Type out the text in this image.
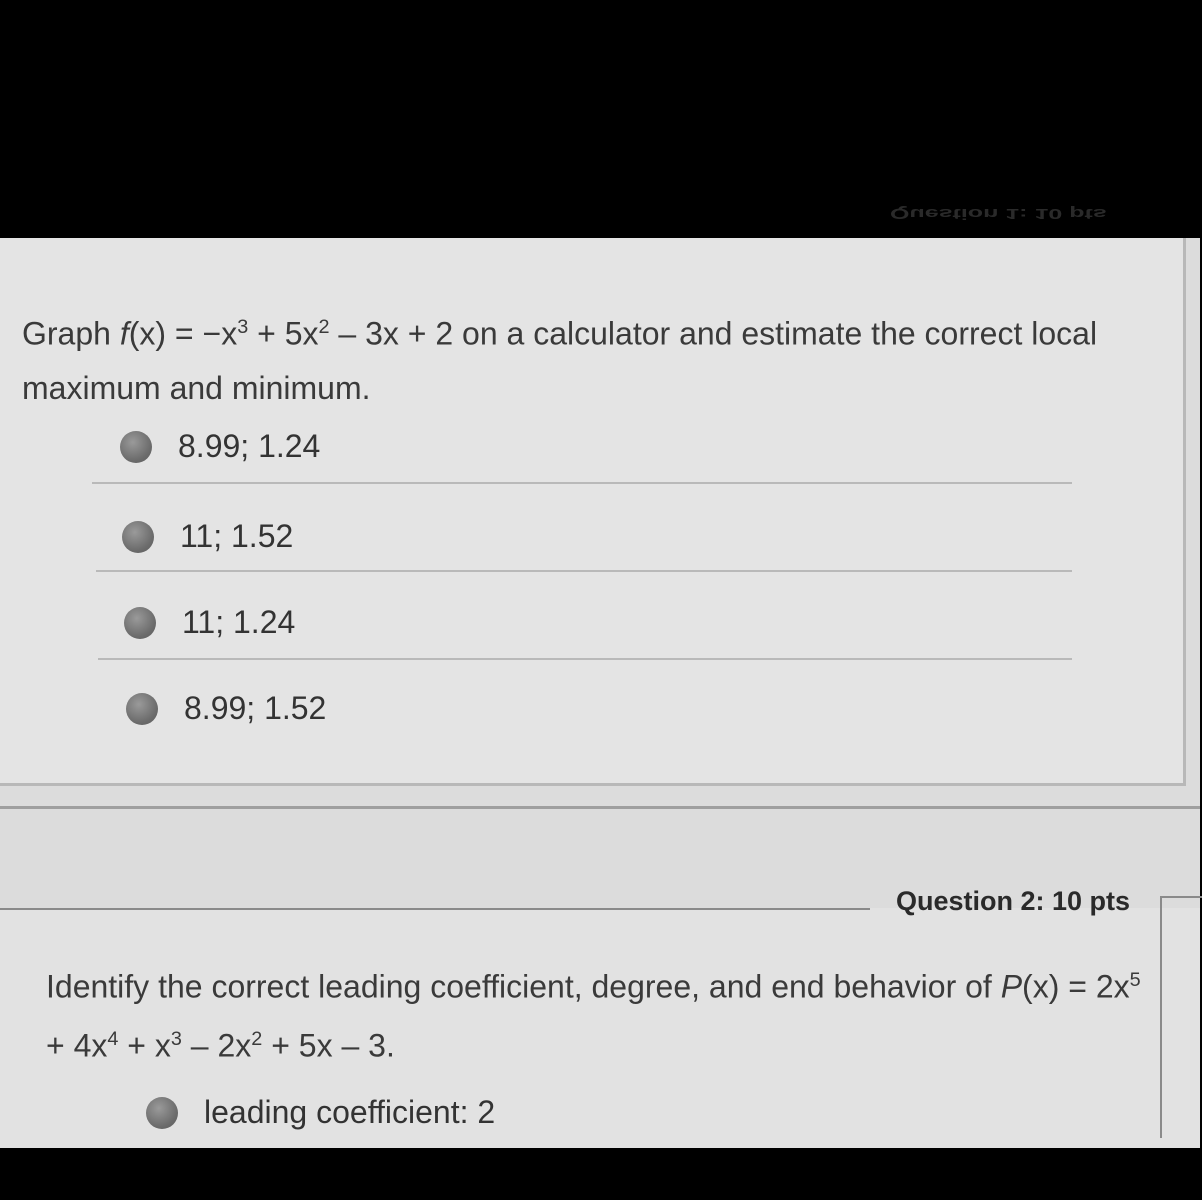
Question 1: 10 pts
Graph $f(x) = -x^3 + 5x^2 - 3x + 2$ on a calculator and estimate the correct local maximum and minimum.
8.99; 1.24
11; 1.52
11; 1.24
8.99; 1.52
Question 2: 10 pts
Identify the correct leading coefficient, degree, and end behavior of $P(x) = 2x^5 + 4x^4 + x^3 - 2x^2 + 5x - 3$.
leading coefficient: 2
